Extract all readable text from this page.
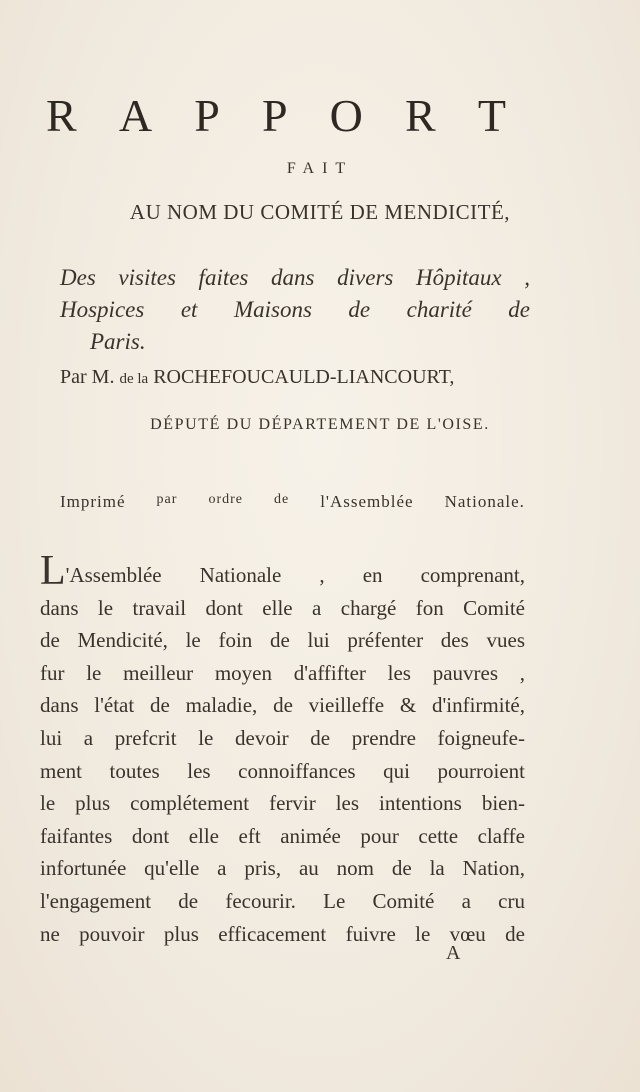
R A P P O R T
FAIT
AU NOM DU COMITÉ DE MENDICITÉ,
Des visites faites dans divers Hôpitaux ,
Hospices et Maisons de charité de
Paris.
Par M. de la ROCHEFOUCAULD-LIANCOURT,
DÉPUTÉ DU DÉPARTEMENT DE L'OISE.
Imprimé par ordre de l'Assemblée Nationale.
L'Assemblée Nationale , en comprenant,
dans le travail dont elle a chargé fon Comité
de Mendicité, le foin de lui préfenter des vues
fur le meilleur moyen d'affifter les pauvres ,
dans l'état de maladie, de vieilleffe & d'infirmité,
lui a prefcrit le devoir de prendre foigneufe-
ment toutes les connoiffances qui pourroient
le plus complétement fervir les intentions bien-
faifantes dont elle eft animée pour cette claffe
infortunée qu'elle a pris, au nom de la Nation,
l'engagement de fecourir. Le Comité a cru
ne pouvoir plus efficacement fuivre le vœu de
A
